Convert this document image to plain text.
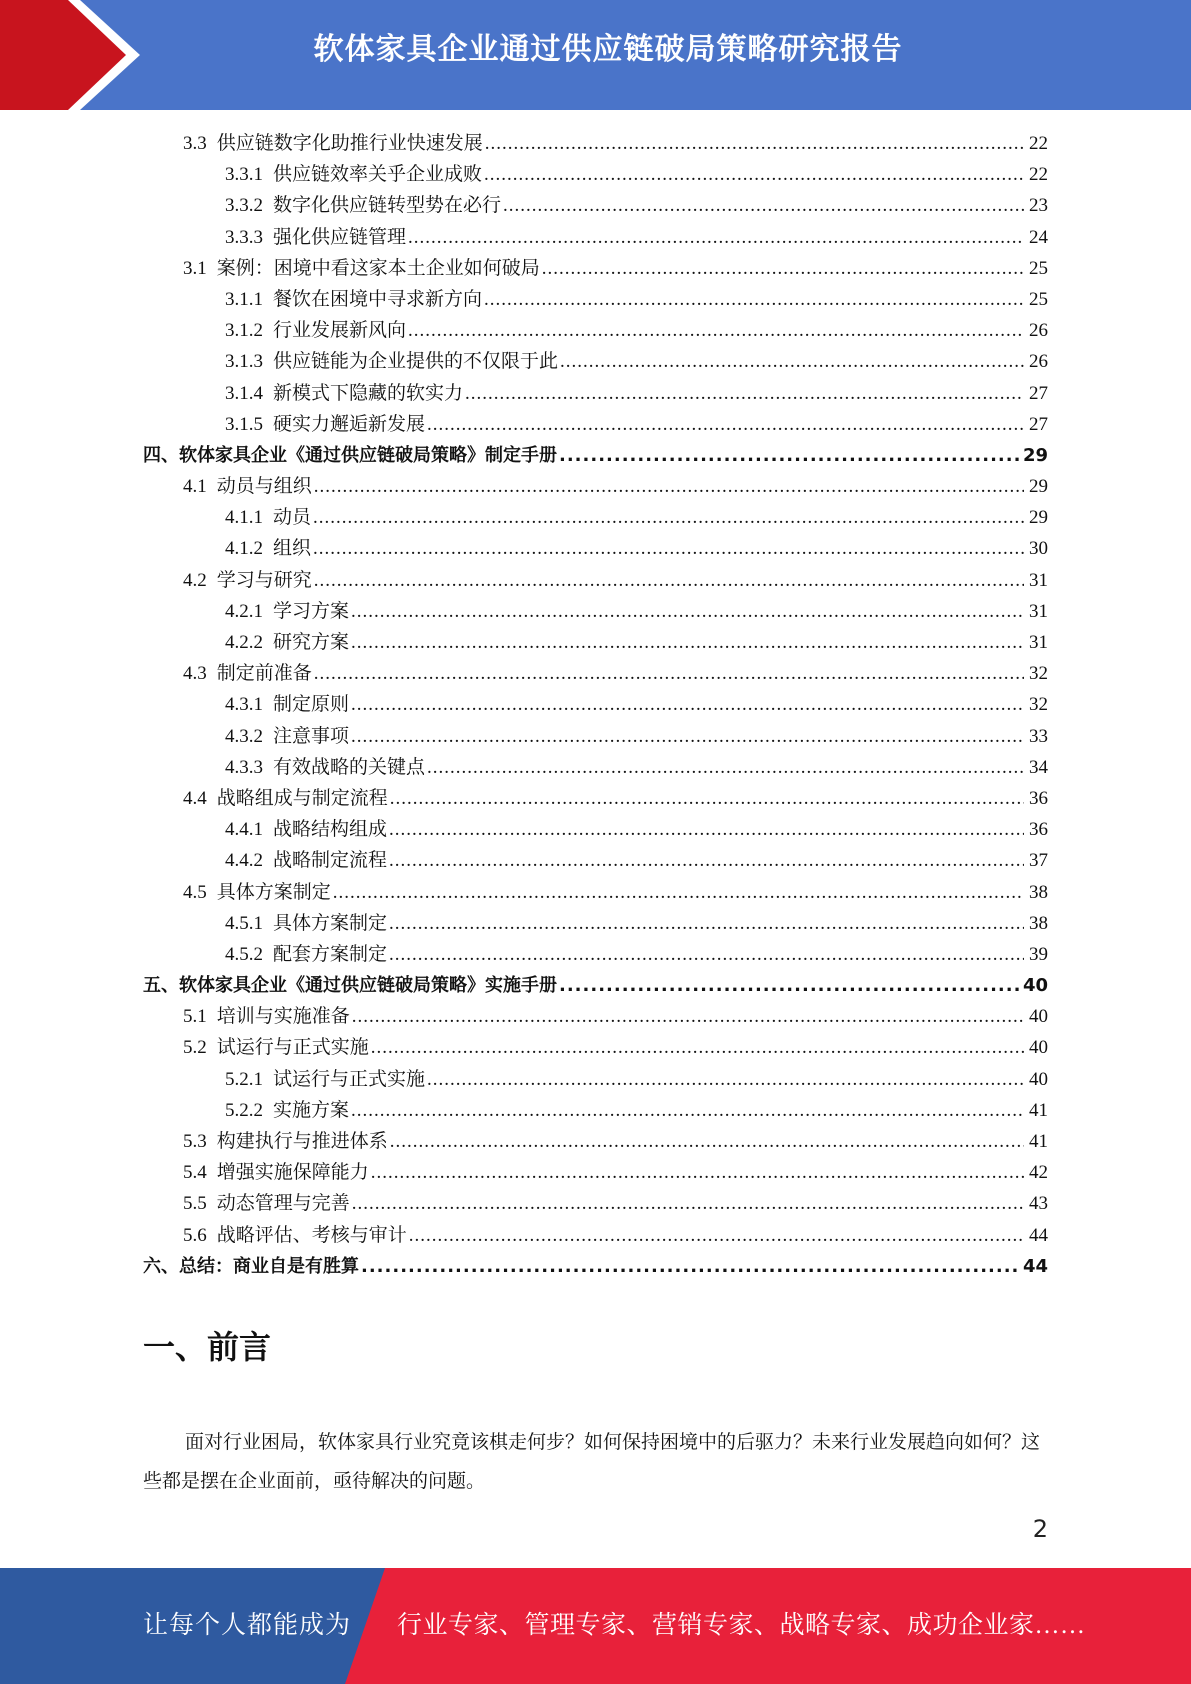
软体家具企业通过供应链破局策略研究报告
3.3 供应链数字化助推行业快速发展 .....	22
3.3.1 供应链效率关乎企业成败 .....	22
3.3.2 数字化供应链转型势在必行 .....	23
3.3.3 强化供应链管理 .....	24
3.1 案例：困境中看这家本土企业如何破局 .....	25
3.1.1 餐饮在困境中寻求新方向 .....	25
3.1.2 行业发展新风向 .....	26
3.1.3 供应链能为企业提供的不仅限于此 .....	26
3.1.4 新模式下隐藏的软实力 .....	27
3.1.5 硬实力邂逅新发展 .....	27
四、软体家具企业《通过供应链破局策略》制定手册 .....	29
4.1 动员与组织 .....	29
4.1.1 动员 .....	29
4.1.2 组织 .....	30
4.2 学习与研究 .....	31
4.2.1 学习方案 .....	31
4.2.2 研究方案 .....	31
4.3 制定前准备 .....	32
4.3.1 制定原则 .....	32
4.3.2 注意事项 .....	33
4.3.3 有效战略的关键点 .....	34
4.4 战略组成与制定流程 .....	36
4.4.1 战略结构组成 .....	36
4.4.2 战略制定流程 .....	37
4.5 具体方案制定 .....	38
4.5.1 具体方案制定 .....	38
4.5.2 配套方案制定 .....	39
五、软体家具企业《通过供应链破局策略》实施手册 .....	40
5.1 培训与实施准备 .....	40
5.2 试运行与正式实施 .....	40
5.2.1 试运行与正式实施 .....	40
5.2.2 实施方案 .....	41
5.3 构建执行与推进体系 .....	41
5.4 增强实施保障能力 .....	42
5.5 动态管理与完善 .....	43
5.6 战略评估、考核与审计 .....	44
六、总结：商业自是有胜算 .....	44
一、前言
面对行业困局，软体家具行业究竟该棋走何步？如何保持困境中的后驱力？未来行业发展趋向如何？这些都是摆在企业面前，亟待解决的问题。
2
让每个人都能成为 行业专家、管理专家、营销专家、战略专家、成功企业家……
